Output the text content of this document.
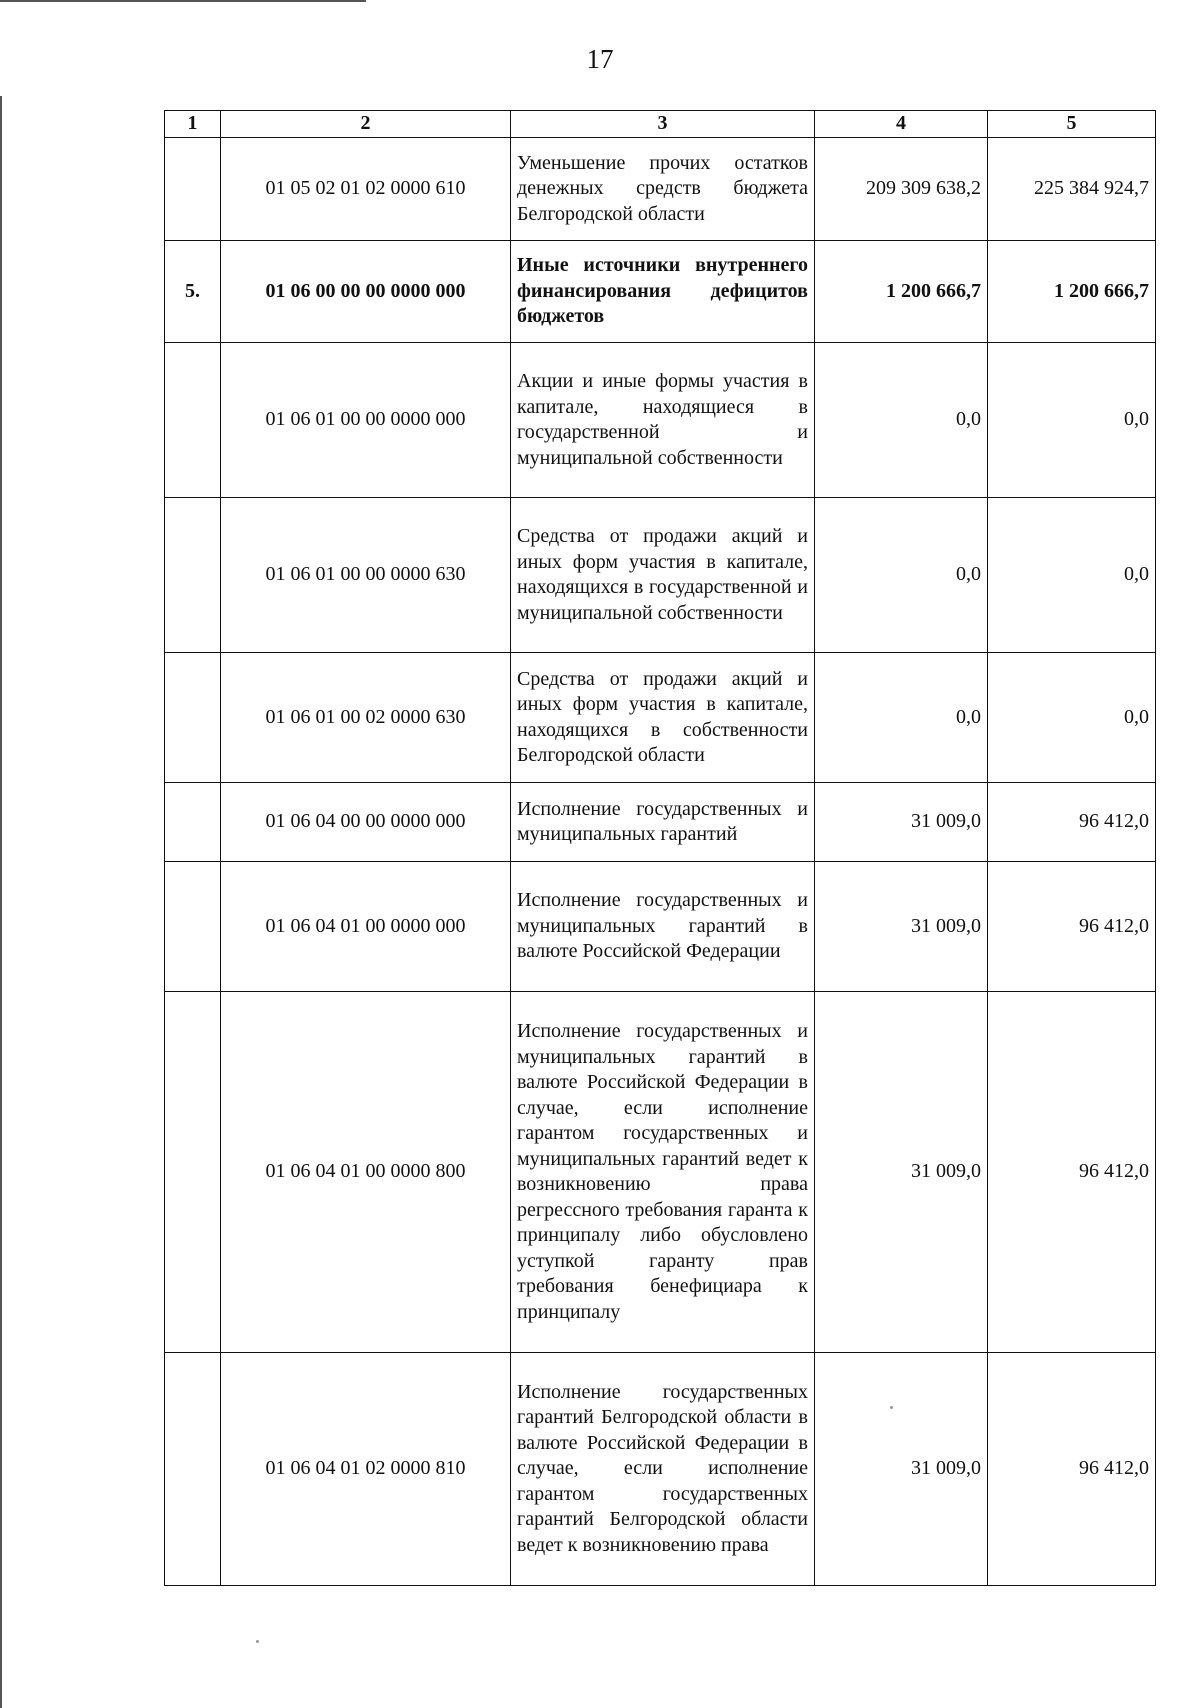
17
1	2	3	4	5
	01 05 02 01 02 0000 610	Уменьшение прочих остатков денежных средств бюджета Белгородской области	209 309 638,2	225 384 924,7
5.	01 06 00 00 00 0000 000	Иные источники внутреннего финансирования дефицитов бюджетов	1 200 666,7	1 200 666,7
	01 06 01 00 00 0000 000	Акции и иные формы участия в капитале, находящиеся в государственной и муниципальной собственности	0,0	0,0
	01 06 01 00 00 0000 630	Средства от продажи акций и иных форм участия в капитале, находящихся в государственной и муниципальной собственности	0,0	0,0
	01 06 01 00 02 0000 630	Средства от продажи акций и иных форм участия в капитале, находящихся в собственности Белгородской области	0,0	0,0
	01 06 04 00 00 0000 000	Исполнение государственных и муниципальных гарантий	31 009,0	96 412,0
	01 06 04 01 00 0000 000	Исполнение государственных и муниципальных гарантий в валюте Российской Федерации	31 009,0	96 412,0
	01 06 04 01 00 0000 800	Исполнение государственных и муниципальных гарантий в валюте Российской Федерации в случае, если исполнение гарантом государственных и муниципальных гарантий ведет к возникновению права регрессного требования гаранта к принципалу либо обусловлено уступкой гаранту прав требования бенефициара к принципалу	31 009,0	96 412,0
	01 06 04 01 02 0000 810	Исполнение государственных гарантий Белгородской области в валюте Российской Федерации в случае, если исполнение гарантом государственных гарантий Белгородской области ведет к возникновению права	31 009,0	96 412,0
